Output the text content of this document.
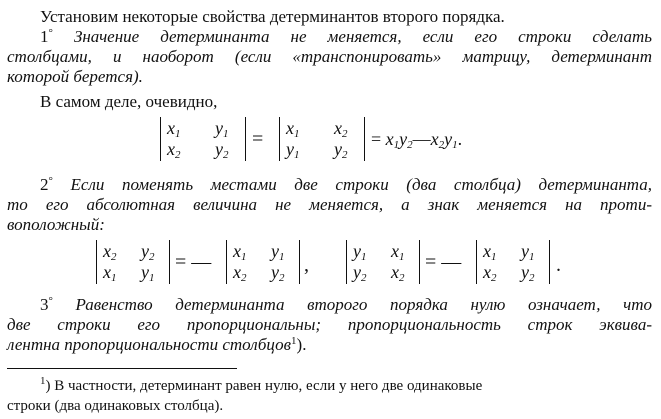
Установим некоторые свойства детерминантов второго порядка.
1° Значение детерминанта не меняется, если его строки сделать
столбцами, и наоборот (если «транспонировать» матрицу, детерминант
которой берется).
В самом деле, очевидно,
$x_1$ $y_1$
$x_2$ $y_2$
= $x_1$ $x_2$
$y_1$ $y_2$
= $x_1y_2—x_2y_1$.
2° Если поменять местами две строки (два столбца) детерминанта,
то его абсолютная величина не меняется, а знак меняется на проти-
воположный:
$x_2$ $y_2$
$x_1$ $y_1$
= — $x_1$ $y_1$
$x_2$ $y_2$
,
$y_1$ $x_1$
$y_2$ $x_2$
= — $x_1$ $y_1$
$x_2$ $y_2$
.
3° Равенство детерминанта второго порядка нулю означает, что
две строки его пропорциональны; пропорциональность строк эквива-
лентна пропорциональности столбцов$^1$).
$^1$) В частности, детерминант равен нулю, если у него две одинаковые
строки (два одинаковых столбца).
